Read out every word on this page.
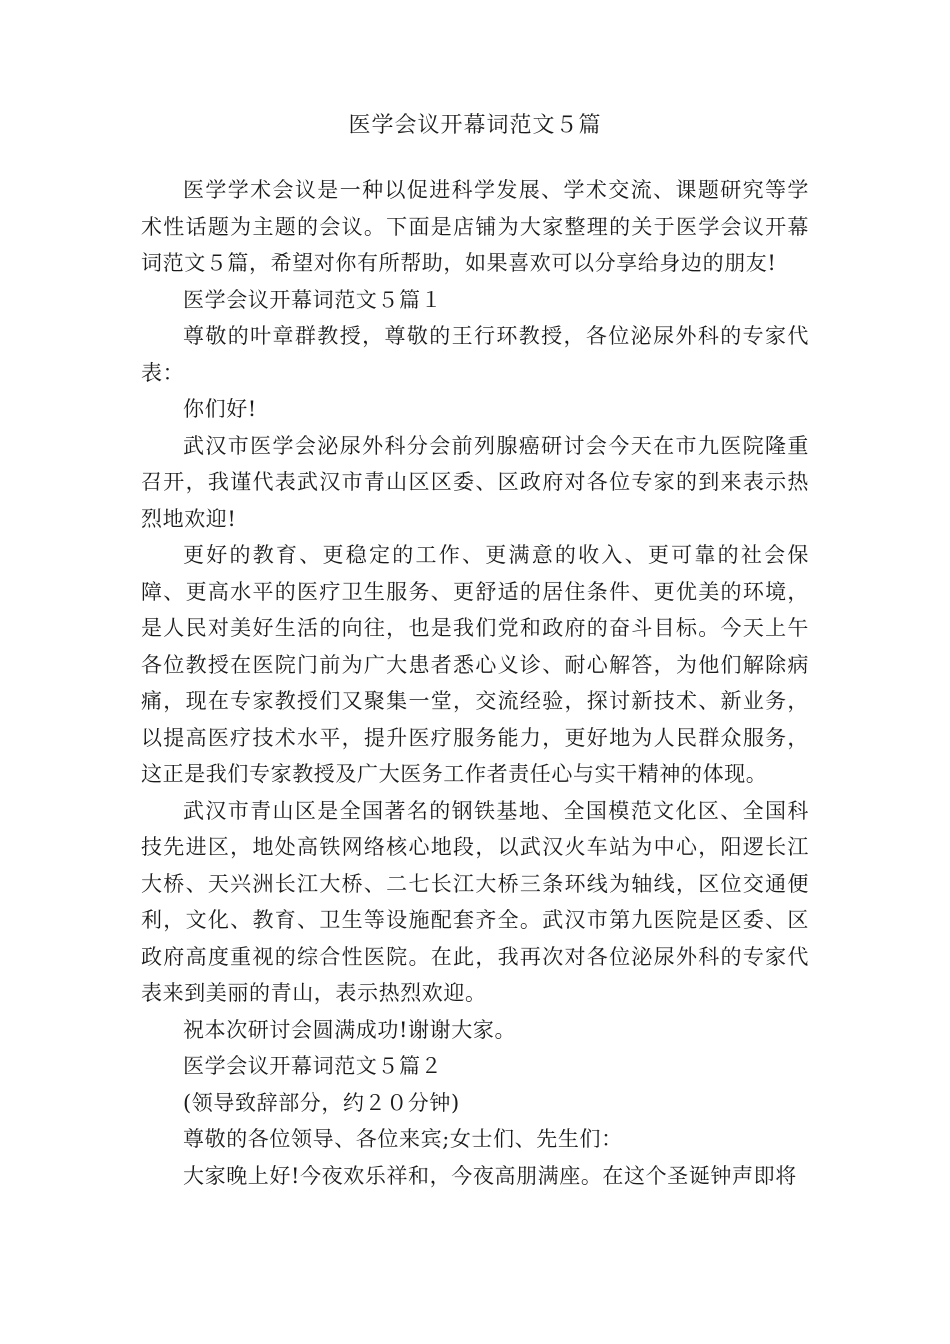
医学会议开幕词范文５篇

医学学术会议是一种以促进科学发展、学术交流、课题研究等学术性话题为主题的会议。下面是店铺为大家整理的关于医学会议开幕词范文５篇，希望对你有所帮助，如果喜欢可以分享给身边的朋友!

医学会议开幕词范文５篇１

尊敬的叶章群教授，尊敬的王行环教授，各位泌尿外科的专家代表：

你们好!

武汉市医学会泌尿外科分会前列腺癌研讨会今天在市九医院隆重召开，我谨代表武汉市青山区区委、区政府对各位专家的到来表示热烈地欢迎!

更好的教育、更稳定的工作、更满意的收入、更可靠的社会保障、更高水平的医疗卫生服务、更舒适的居住条件、更优美的环境，是人民对美好生活的向往，也是我们党和政府的奋斗目标。今天上午各位教授在医院门前为广大患者悉心义诊、耐心解答，为他们解除病痛，现在专家教授们又聚集一堂，交流经验，探讨新技术、新业务，以提高医疗技术水平，提升医疗服务能力，更好地为人民群众服务，这正是我们专家教授及广大医务工作者责任心与实干精神的体现。

武汉市青山区是全国著名的钢铁基地、全国模范文化区、全国科技先进区，地处高铁网络核心地段，以武汉火车站为中心，阳逻长江大桥、天兴洲长江大桥、二七长江大桥三条环线为轴线，区位交通便利，文化、教育、卫生等设施配套齐全。武汉市第九医院是区委、区政府高度重视的综合性医院。在此，我再次对各位泌尿外科的专家代表来到美丽的青山，表示热烈欢迎。

祝本次研讨会圆满成功!谢谢大家。

医学会议开幕词范文５篇２

(领导致辞部分，约２０分钟)

尊敬的各位领导、各位来宾;女士们、先生们：

大家晚上好!今夜欢乐祥和，今夜高朋满座。在这个圣诞钟声即将
